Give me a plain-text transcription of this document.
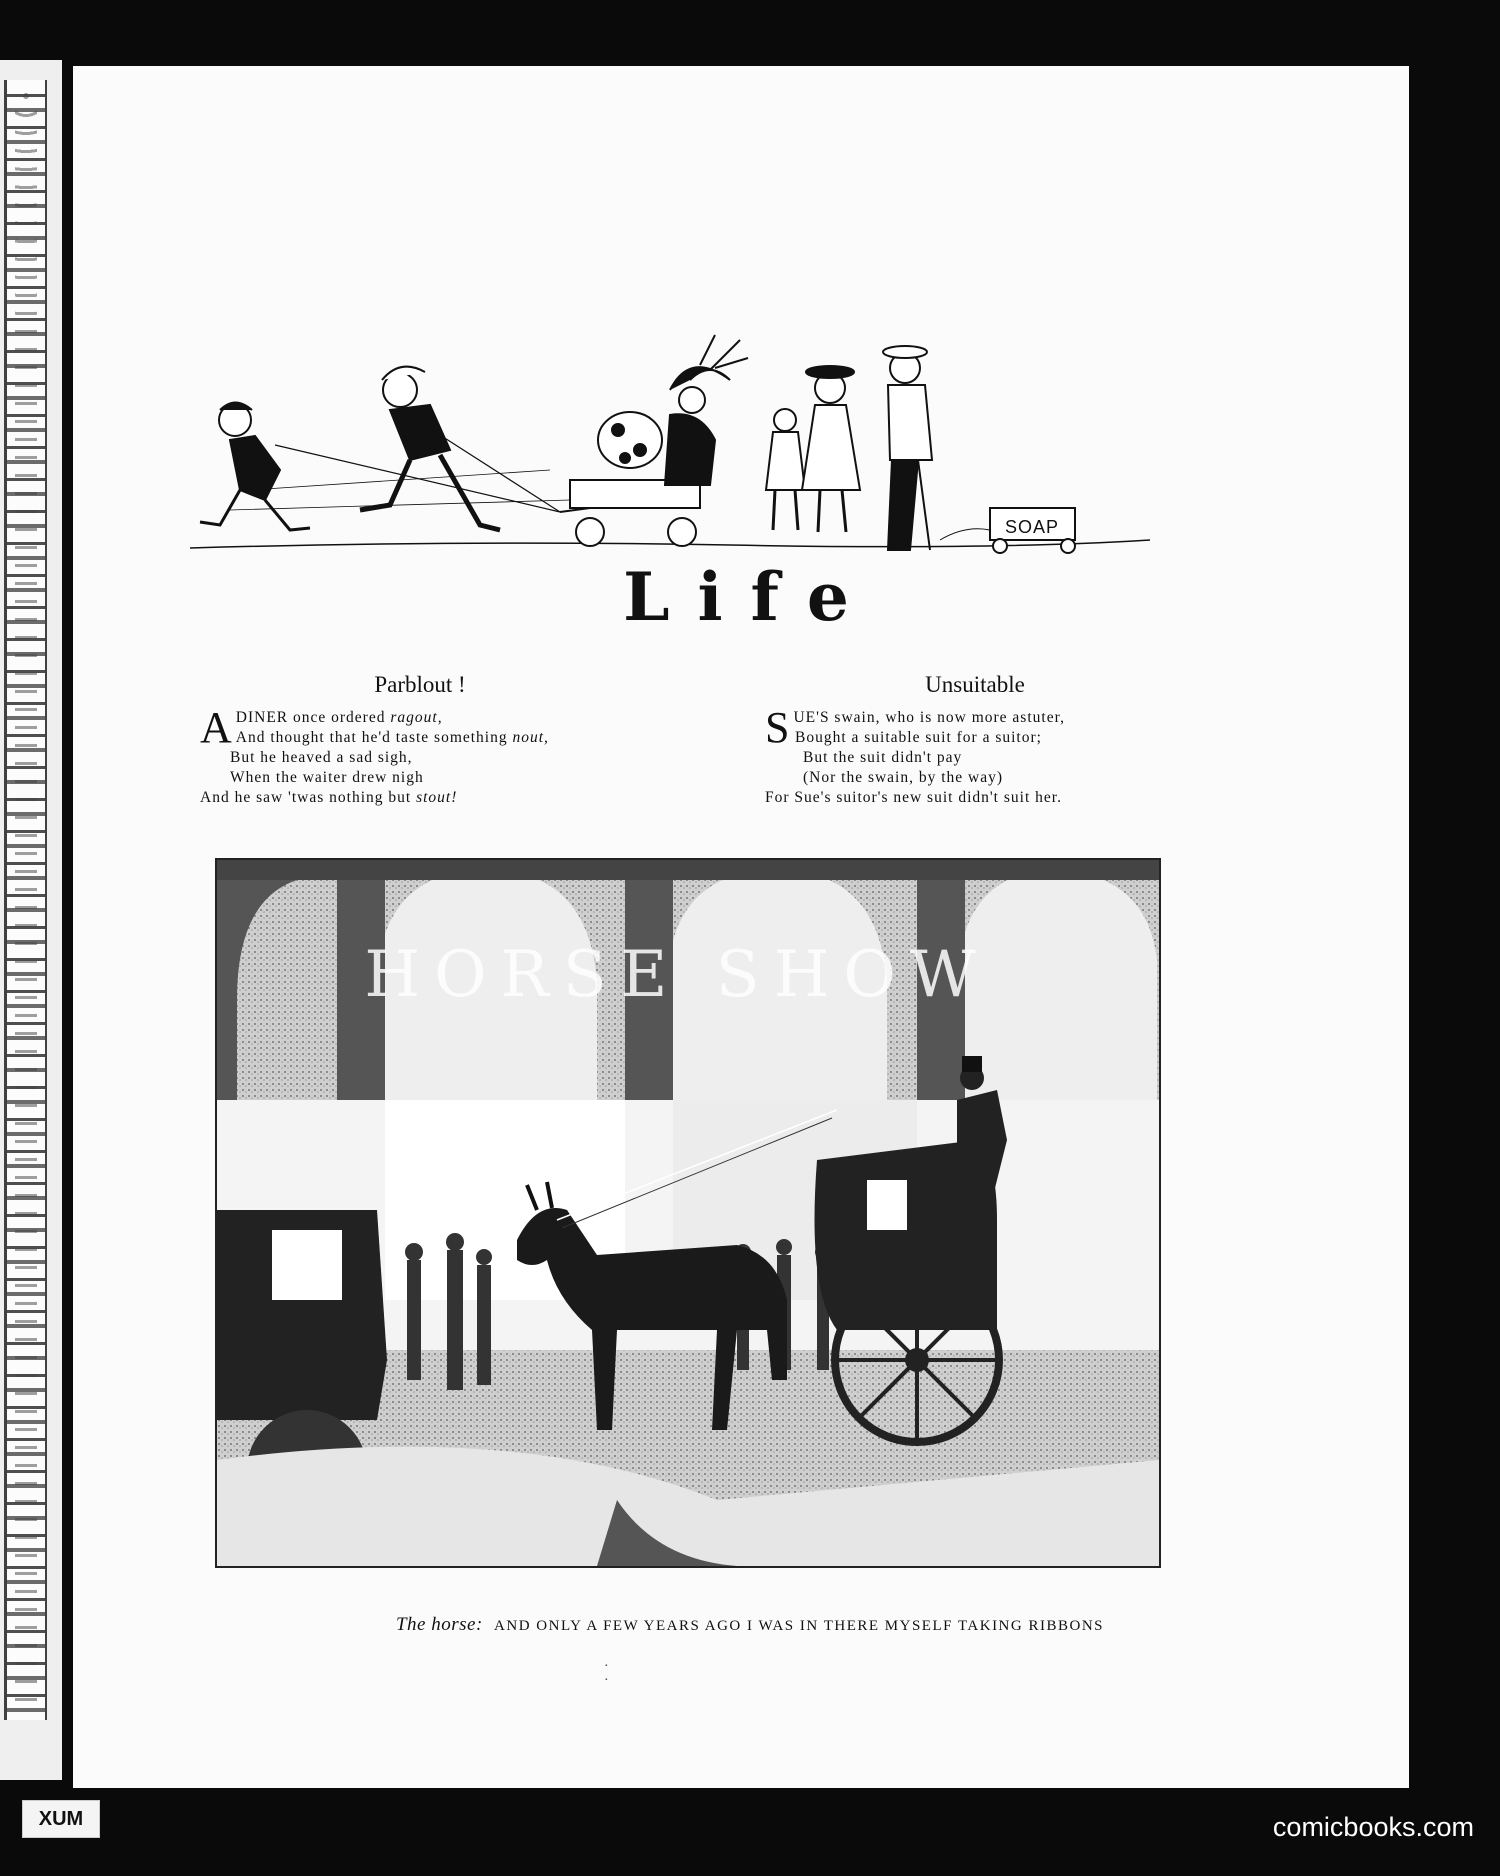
SOAP
Life
Parblout !
A DINER once ordered ragout,
And thought that he'd taste something nout,
But he heaved a sad sigh,
When the waiter drew nigh
And he saw 'twas nothing but stout!
Unsuitable
S UE'S swain, who is now more astuter,
Bought a suitable suit for a suitor;
But the suit didn't pay
(Nor the swain, by the way)
For Sue's suitor's new suit didn't suit her.
HORSE SHOW
The horse: AND ONLY A FEW YEARS AGO I WAS IN THERE MYSELF TAKING RIBBONS
·
·
XUM	comicbooks.com
